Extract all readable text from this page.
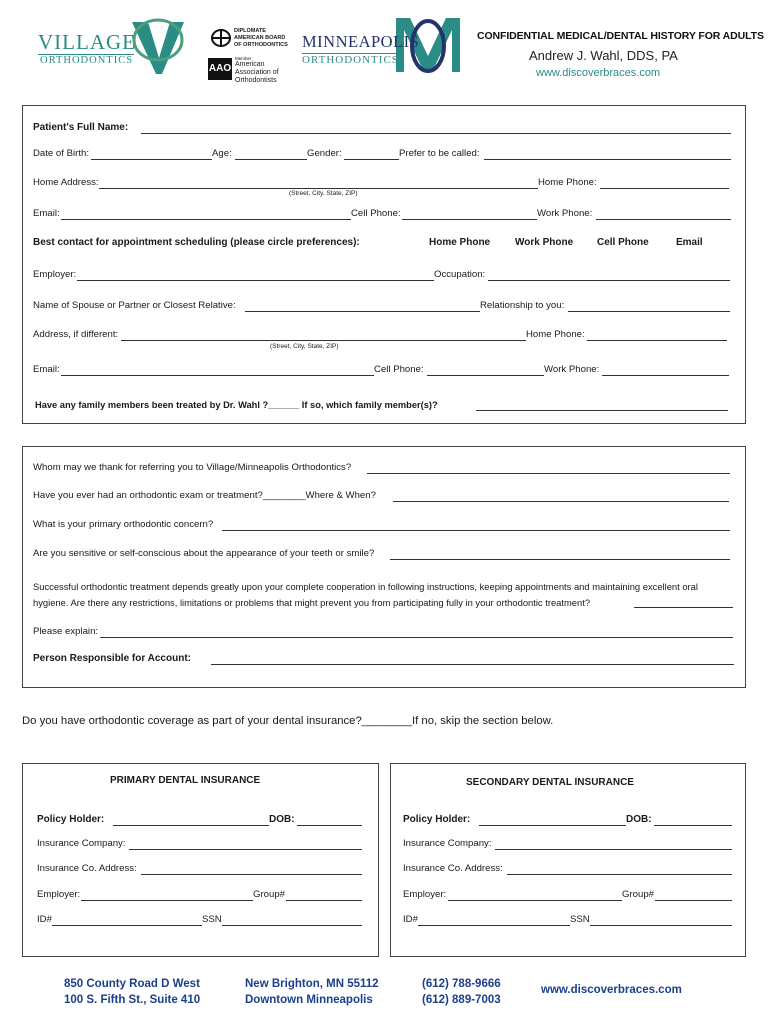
VILLAGE
ORTHODONTICS
DIPLOMATE
AMERICAN BOARD
OF ORTHODONTICS
AAO
Member
American
Association of
Orthodontists
MINNEAPOLIS
ORTHODONTICS
CONFIDENTIAL MEDICAL/DENTAL HISTORY FOR ADULTS
Andrew J. Wahl, DDS, PA
www.discoverbraces.com
Patient's Full Name:
Date of Birth:	Age:	Gender:	Prefer to be called:
Home Address:	Home Phone:
(Street, City, State, ZIP)
Email:	Cell Phone:	Work Phone:
Best contact for appointment scheduling (please circle preferences):	Home Phone Work Phone Cell Phone	Email
Employer:	Occupation:
Name of Spouse or Partner or Closest Relative:	Relationship to you:
Address, if different:	Home Phone:
(Street, City, State, ZIP)
Email:	Cell Phone:	Work Phone:
Have any family members been treated by Dr. Wahl ?______ If so, which family member(s)?
Whom may we thank for referring you to Village/Minneapolis Orthodontics?
Have you ever had an orthodontic exam or treatment?________Where & When?
What is your primary orthodontic concern?
Are you sensitive or self-conscious about the appearance of your teeth or smile?
Successful orthodontic treatment depends greatly upon your complete cooperation in following instructions, keeping appointments and maintaining excellent oral
hygiene. Are there any restrictions, limitations or problems that might prevent you from participating fully in your orthodontic treatment?
Please explain:
Person Responsible for Account:
Do you have orthodontic coverage as part of your dental insurance?________If no, skip the section below.
PRIMARY DENTAL INSURANCE
Policy Holder:	DOB:
Insurance Company:
Insurance Co. Address:
Employer:	Group#
ID#	SSN
SECONDARY DENTAL INSURANCE
Policy Holder:	DOB:
Insurance Company:
Insurance Co. Address:
Employer:	Group#
ID#	SSN
850 County Road D West
100 S. Fifth St., Suite 410
New Brighton, MN 55112
Downtown Minneapolis
(612) 788-9666
(612) 889-7003
www.discoverbraces.com
